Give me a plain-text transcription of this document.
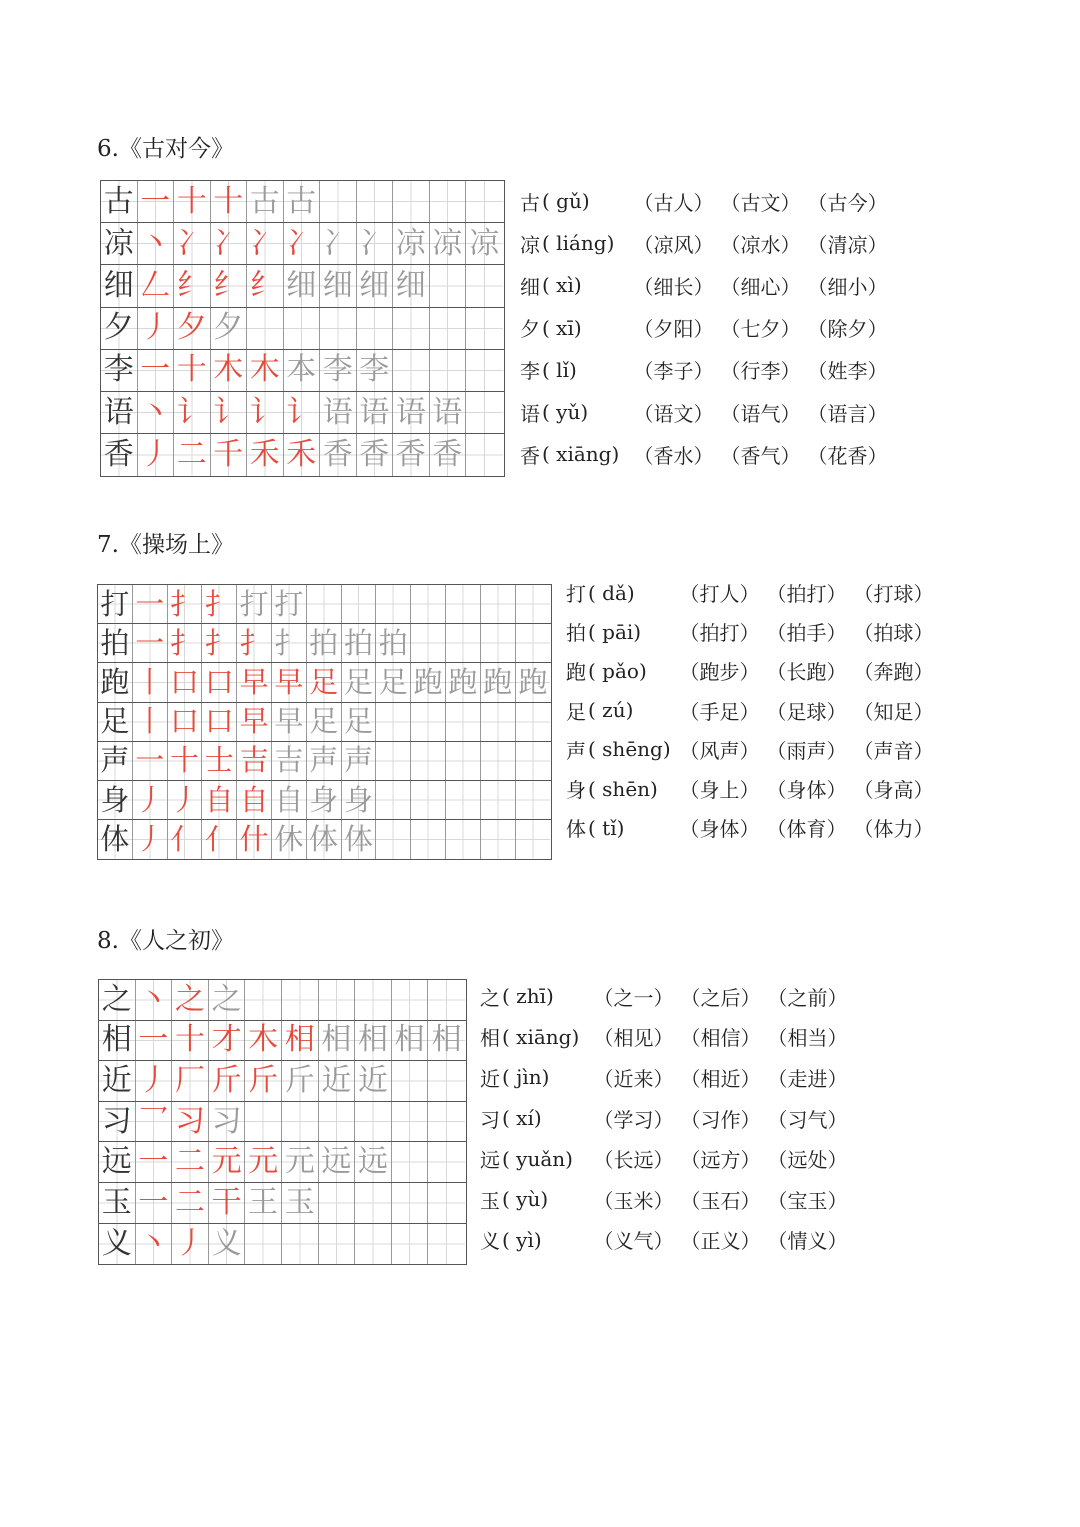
6.《古对今》
古 一 十 十 古 古
凉 丶 冫 冫 冫 冫 冫 冫 凉 凉 凉
细 𠃋 纟 纟 纟 细 细 细 细
夕 丿 夕 夕
李 一 十 木 木 本 李 李
语 丶 讠 讠 讠 讠 语 语 语 语
香 丿 二 千 禾 禾 香 香 香 香
古 ( gǔ)	（古人） （古文） （古今）
凉 ( liáng) （凉风） （凉水） （清凉）
细 ( xì)	（细长） （细心） （细小）
夕 ( xī)	（夕阳） （七夕） （除夕）
李 ( lǐ)	（李子） （行李） （姓李）
语 ( yǔ)	（语文） （语气） （语言）
香 ( xiāng) （香水） （香气） （花香）
7.《操场上》
打 一 扌 扌 打 打
拍 一 扌 扌 扌 扌 拍 拍 拍
跑 丨 口 口 早 早 足 足 足 跑 跑 跑 跑
足 丨 口 口 早 早 足 足
声 一 十 士 吉 吉 声 声
身 丿 丿 自 自 自 身 身
体 丿 亻 亻 什 休 体 体
打 ( dǎ)	（打人） （拍打） （打球）
拍 ( pāi)	（拍打） （拍手） （拍球）
跑 ( pǎo)	（跑步） （长跑） （奔跑）
足 ( zú)	（手足） （足球） （知足）
声 ( shēng) （风声） （雨声） （声音）
身 ( shēn)	（身上） （身体） （身高）
体 ( tǐ)	（身体） （体育） （体力）
8.《人之初》
之 丶 之 之
相 一 十 才 木 相 相 相 相 相
近 丿 厂 斤 斤 斤 近 近
习 乛 习 习
远 一 二 元 元 元 远 远
玉 一 二 干 王 玉
义 丶 丿 义
之 ( zhī)	（之一） （之后） （之前）
相 ( xiāng) （相见） （相信） （相当）
近 ( jìn)	（近来） （相近） （走进）
习 ( xí)	（学习） （习作） （习气）
远 ( yuǎn)	（长远） （远方） （远处）
玉 ( yù)	（玉米） （玉石） （宝玉）
义 ( yì)	（义气） （正义） （情义）
